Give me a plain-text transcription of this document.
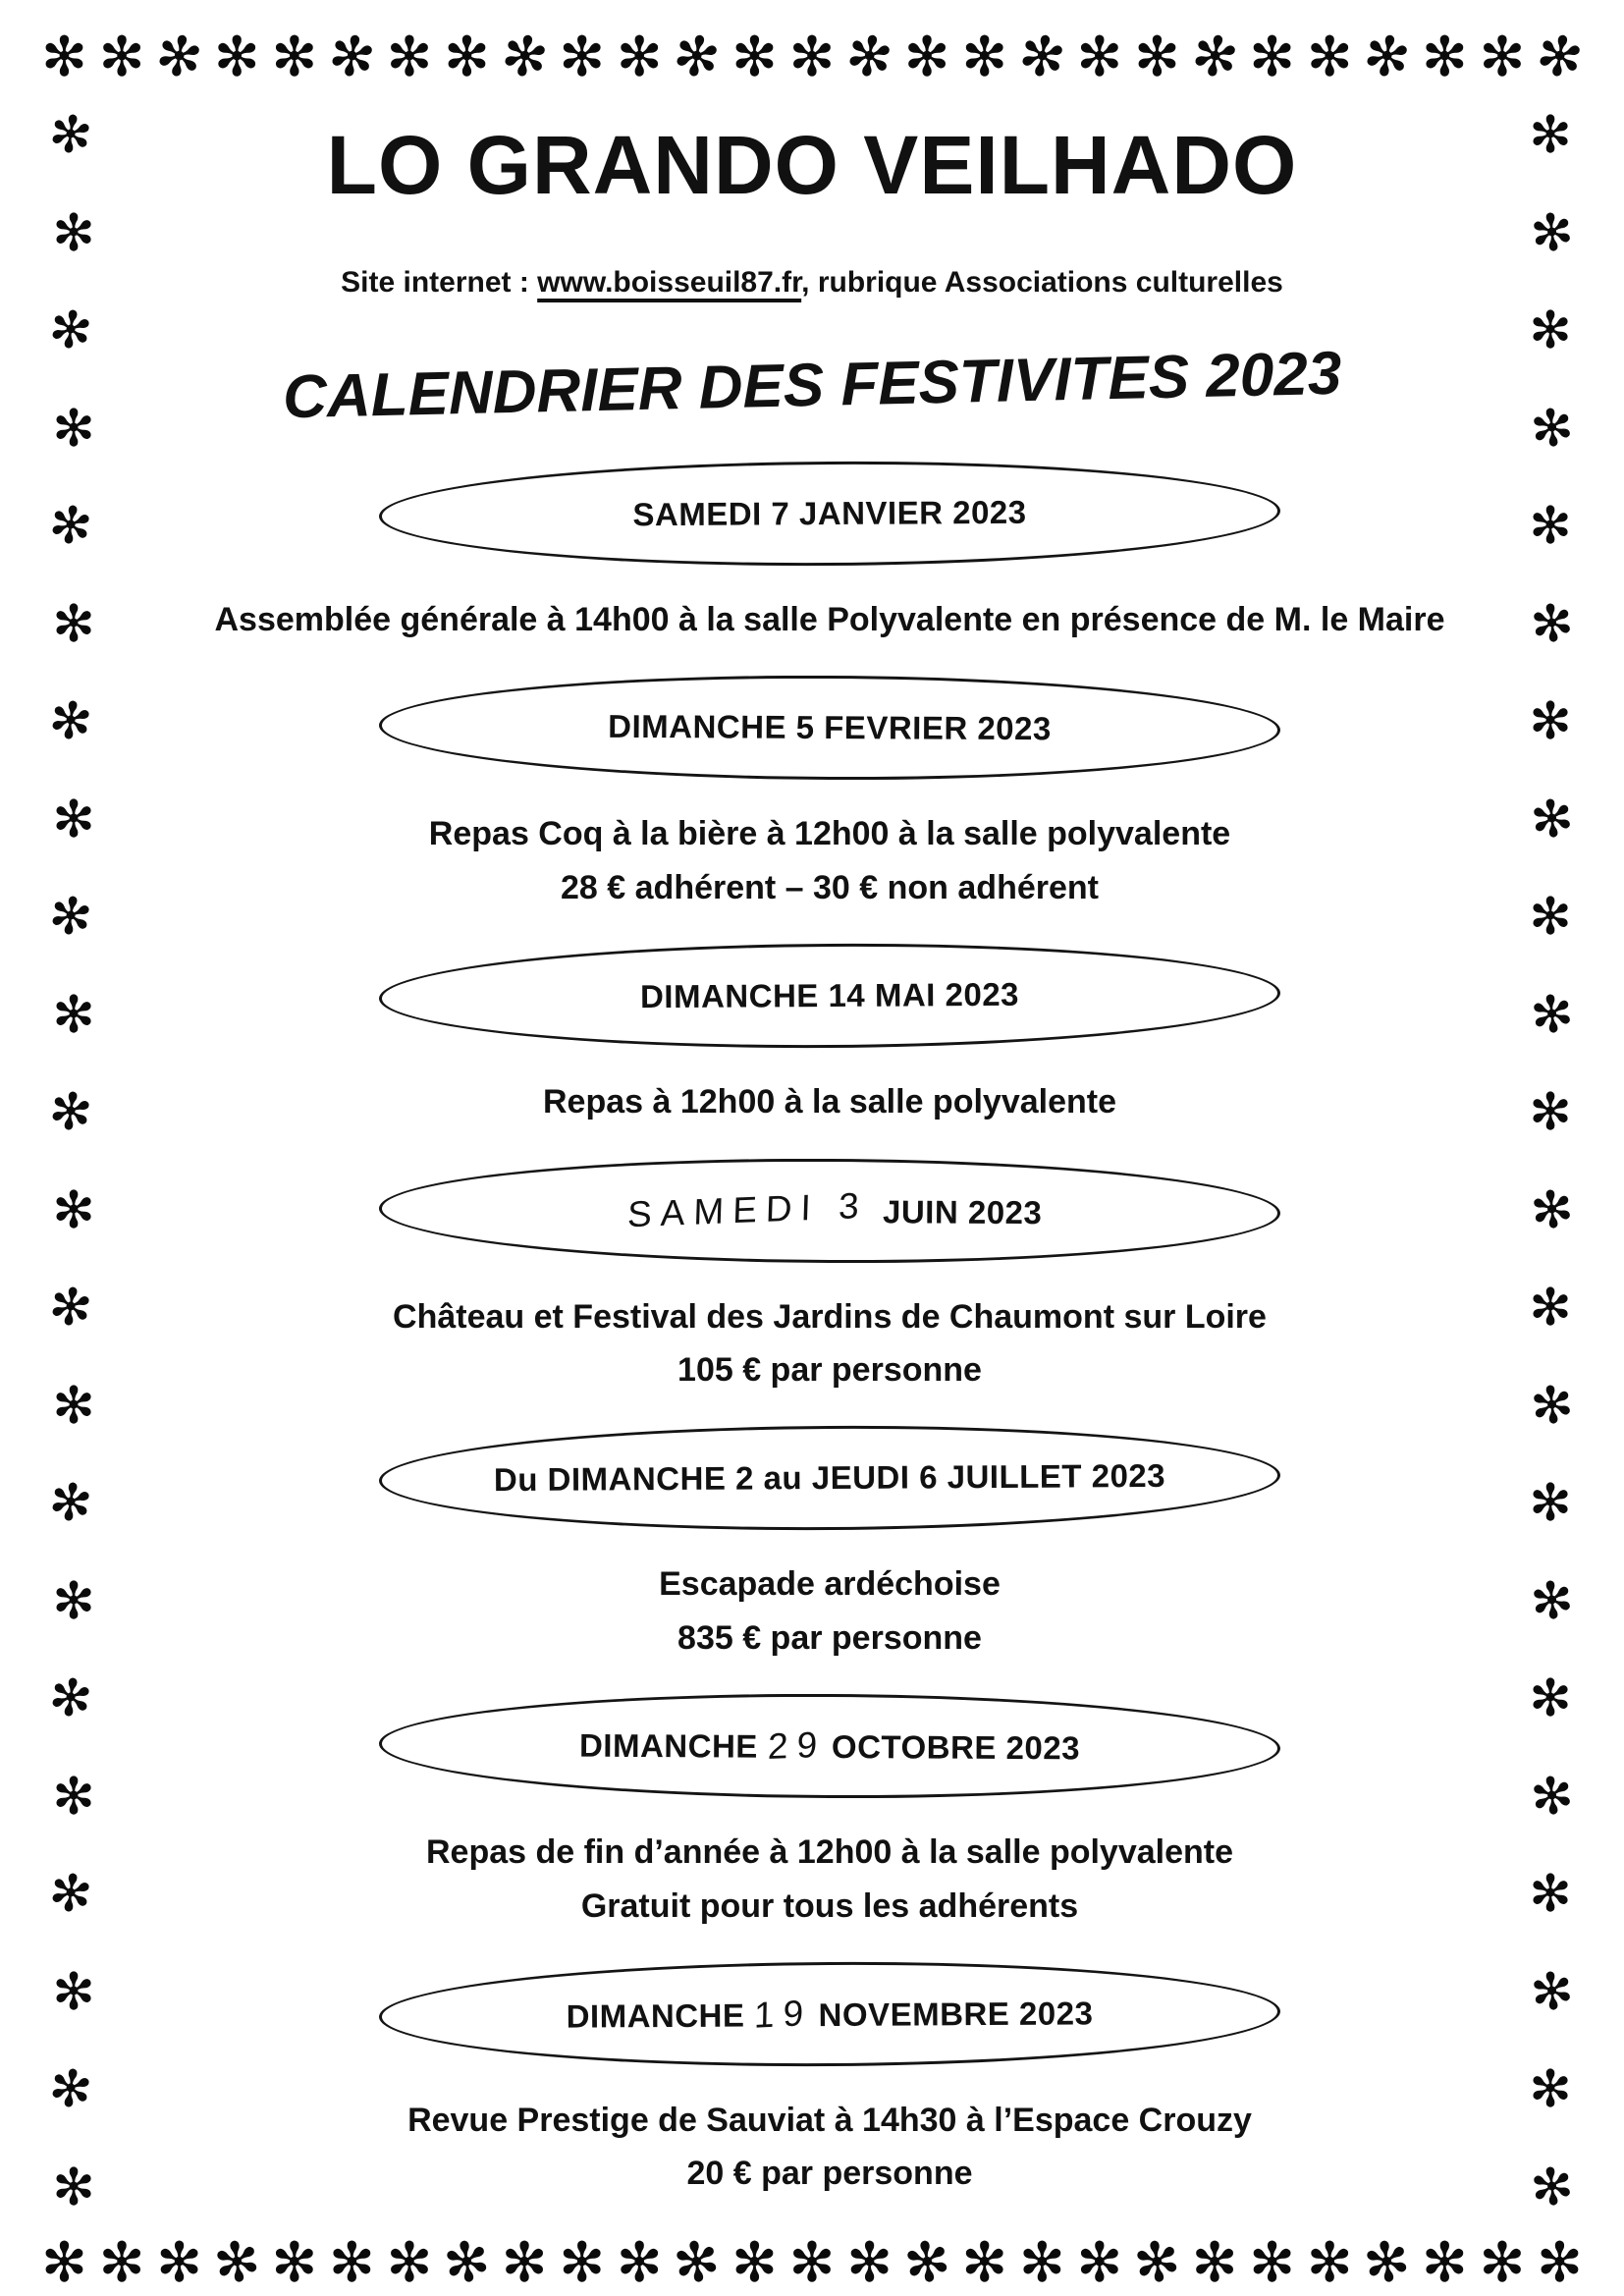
✻ ✻ ✻ ✻ ✻ ✻ ✻ ✻ ✻ ✻ ✻ ✻ ✻ ✻ ✻ ✻ ✻ ✻ ✻ ✻ ✻ ✻ ✻ ✻ ✻ ✻ ✻
✻ ✻ ✻ ✻ ✻ ✻ ✻ ✻ ✻ ✻ ✻ ✻ ✻ ✻ ✻ ✻ ✻ ✻ ✻ ✻ ✻ ✻ ✻ ✻ ✻ ✻ ✻
✻
✻
✻
✻
✻
✻
✻
✻
✻
✻
✻
✻
✻
✻
✻
✻
✻
✻
✻
✻
✻
✻
✻
✻
✻
✻
✻
✻
✻
✻
✻
✻
✻
✻
✻
✻
✻
✻
✻
✻
✻
✻
✻
✻
LO GRANDO VEILHADO
Site internet : www.boisseuil87.fr, rubrique Associations culturelles
CALENDRIER DES FESTIVITES 2023
SAMEDI 7 JANVIER 2023
Assemblée générale à 14h00 à la salle Polyvalente en présence de M. le Maire
DIMANCHE 5 FEVRIER 2023
Repas Coq à la bière à 12h00 à la salle polyvalente
28 € adhérent – 30 € non adhérent
DIMANCHE 14 MAI 2023
Repas à 12h00 à la salle polyvalente
SAMEDI 3 JUIN 2023
Château et Festival des Jardins de Chaumont sur Loire
105 € par personne
Du DIMANCHE 2 au JEUDI 6 JUILLET 2023
Escapade ardéchoise
835 € par personne
DIMANCHE 29 OCTOBRE 2023
Repas de fin d’année à 12h00 à la salle polyvalente
Gratuit pour tous les adhérents
DIMANCHE 19 NOVEMBRE 2023
Revue Prestige de Sauviat à 14h30 à l’Espace Crouzy
20 € par personne
